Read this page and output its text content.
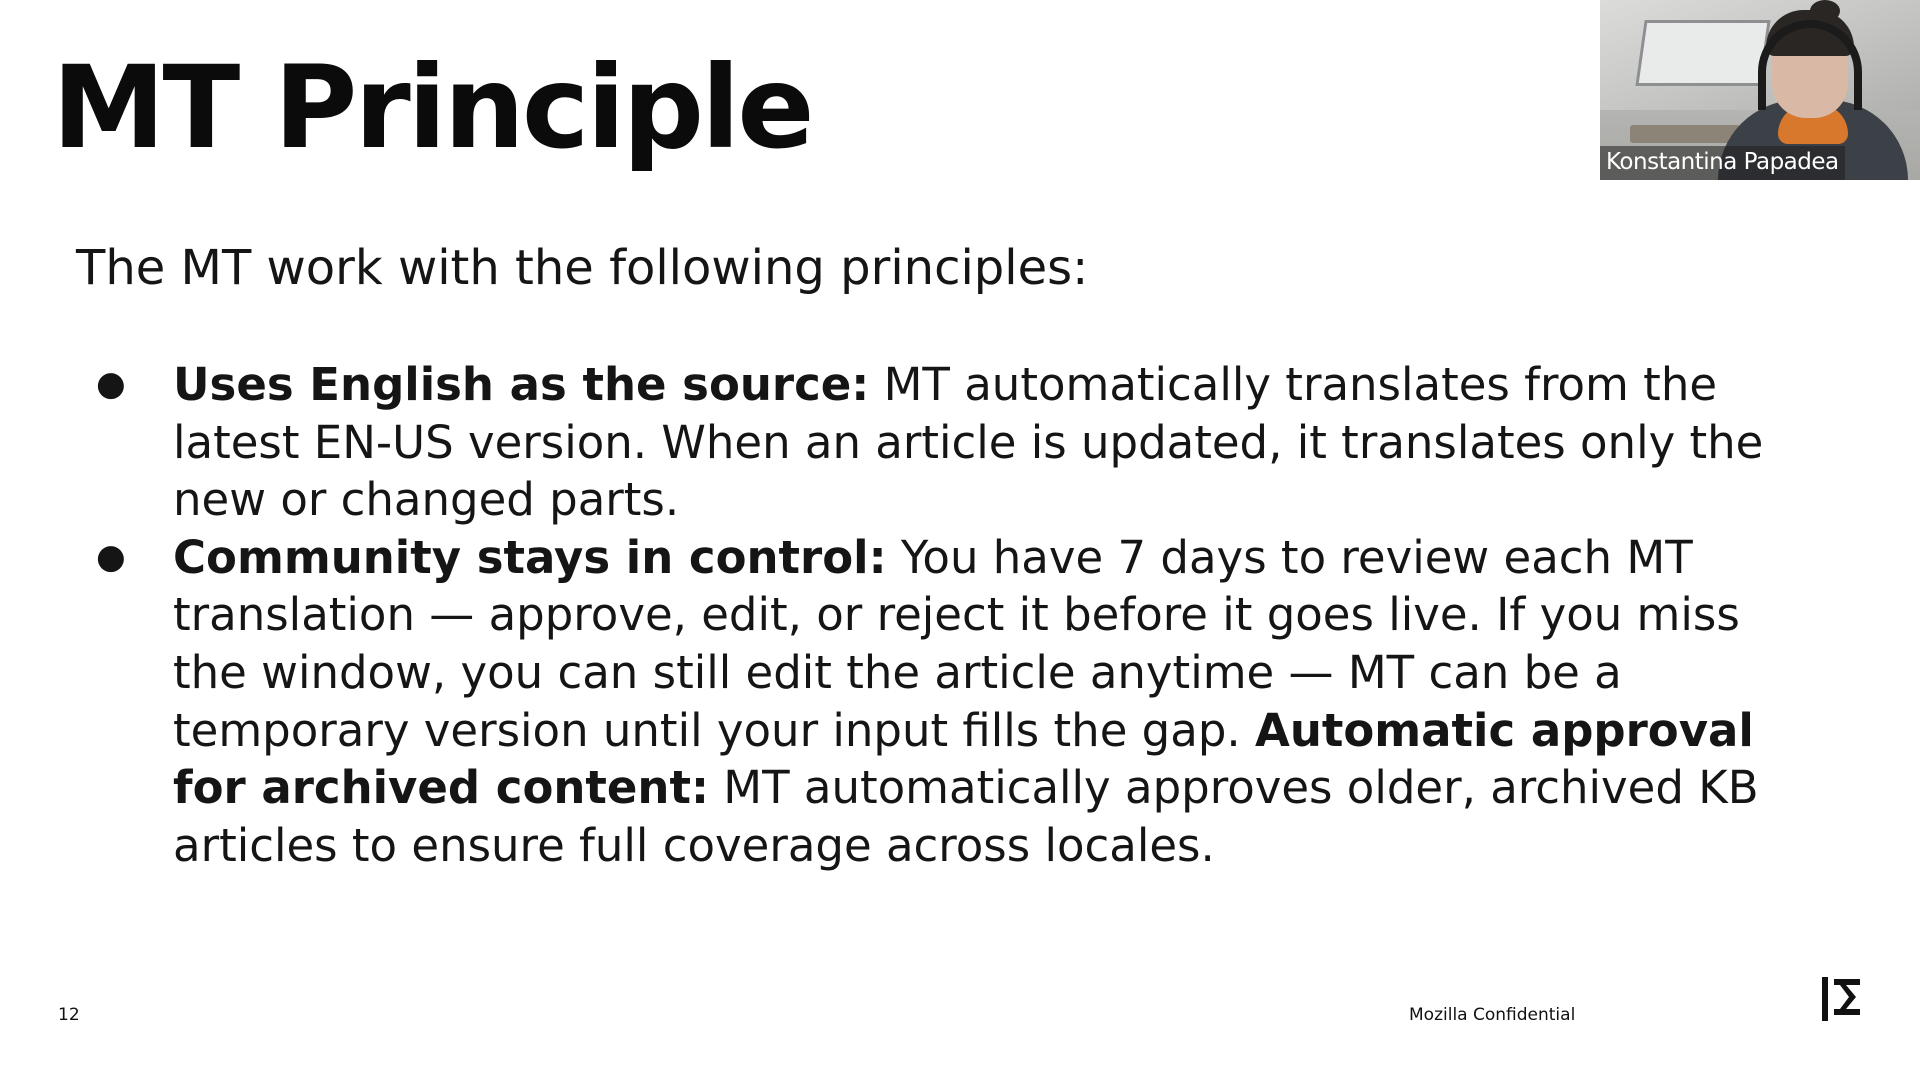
MT Principle

The MT work with the following principles:

● Uses English as the source: MT automatically translates from the latest EN-US version. When an article is updated, it translates only the new or changed parts.
● Community stays in control: You have 7 days to review each MT translation — approve, edit, or reject it before it goes live. If you miss the window, you can still edit the article anytime — MT can be a temporary version until your input fills the gap. Automatic approval for archived content: MT automatically approves older, archived KB articles to ensure full coverage across locales.
Konstantina Papadea
12	Mozilla Confidential
